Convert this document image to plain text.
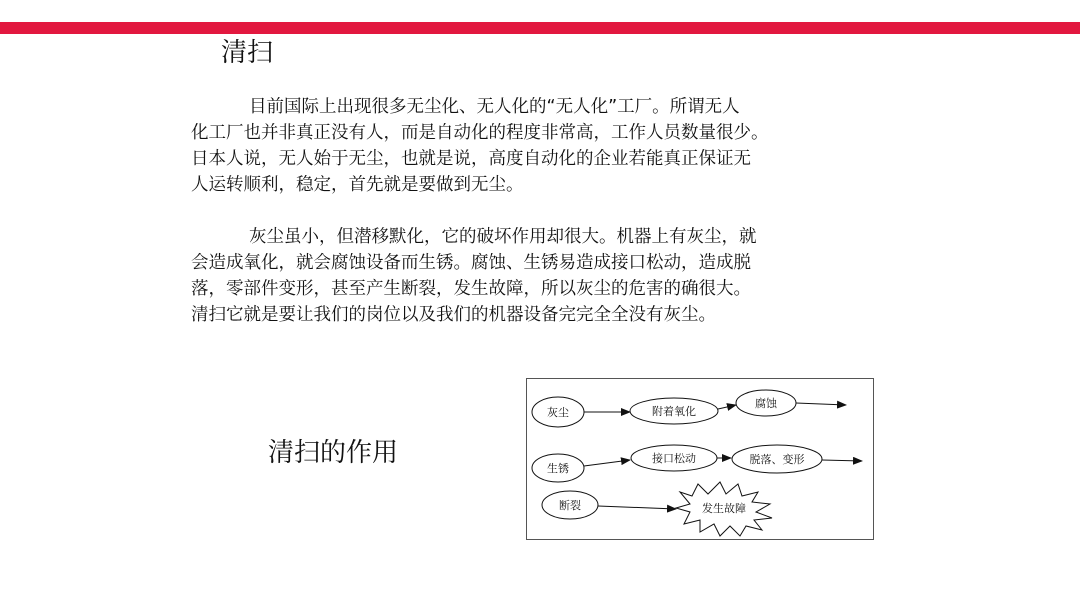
清扫

目前国际上出现很多无尘化、无人化的“无人化”工厂。所谓无人
化工厂也并非真正没有人，而是自动化的程度非常高，工作人员数量很少。
日本人说，无人始于无尘，也就是说，高度自动化的企业若能真正保证无
人运转顺利，稳定，首先就是要做到无尘。

灰尘虽小，但潜移默化，它的破坏作用却很大。机器上有灰尘，就
会造成氧化，就会腐蚀设备而生锈。腐蚀、生锈易造成接口松动，造成脱
落，零部件变形，甚至产生断裂，发生故障，所以灰尘的危害的确很大。
清扫它就是要让我们的岗位以及我们的机器设备完完全全没有灰尘。

清扫的作用
灰尘	附着氧化
腐蚀
生锈
接口松动	脱落、变形
断裂	发生故障
